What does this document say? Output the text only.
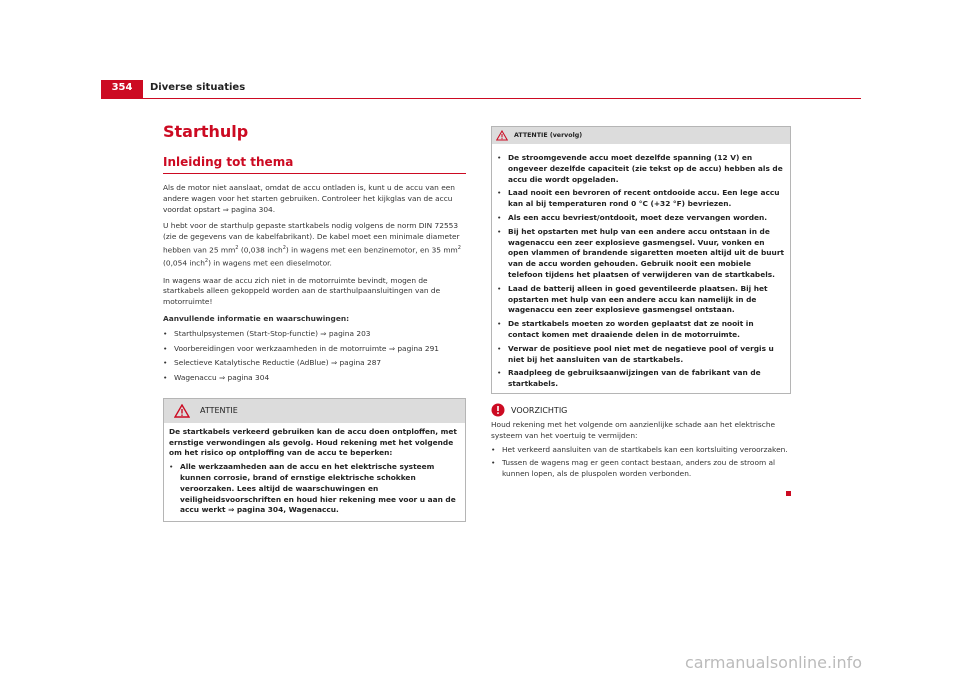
354	Diverse situaties
Starthulp
Inleiding tot thema
Als de motor niet aanslaat, omdat de accu ontladen is, kunt u de accu van een andere wagen voor het starten gebruiken. Controleer het kijkglas van de accu voordat opstart ⇒ pagina 304.
U hebt voor de starthulp gepaste startkabels nodig volgens de norm DIN 72553 (zie de gegevens van de kabelfabrikant). De kabel moet een minimale diameter hebben van 25 $mm^2$ (0,038 inch$^2$) in wagens met een benzinemotor, en 35 $mm^2$ (0,054 inch$^2$) in wagens met een dieselmotor.
In wagens waar de accu zich niet in de motorruimte bevindt, mogen de startkabels alleen gekoppeld worden aan de starthulpaansluitingen van de motorruimte!
Aanvullende informatie en waarschuwingen:
• Starthulpsystemen (Start-Stop-functie) ⇒ pagina 203
• Voorbereidingen voor werkzaamheden in de motorruimte ⇒ pagina 291
• Selectieve Katalytische Reductie (AdBlue) ⇒ pagina 287
• Wagenaccu ⇒ pagina 304
ATTENTIE
De startkabels verkeerd gebruiken kan de accu doen ontploffen, met ernstige verwondingen als gevolg. Houd rekening met het volgende om het risico op ontploffing van de accu te beperken:
• Alle werkzaamheden aan de accu en het elektrische systeem kunnen corrosie, brand of ernstige elektrische schokken veroorzaken. Lees altijd de waarschuwingen en veiligheidsvoorschriften en houd hier rekening mee voor u aan de accu werkt ⇒ pagina 304, Wagenaccu.
ATTENTIE (vervolg)
• De stroomgevende accu moet dezelfde spanning (12 V) en ongeveer dezelfde capaciteit (zie tekst op de accu) hebben als de accu die wordt opgeladen.
• Laad nooit een bevroren of recent ontdooide accu. Een lege accu kan al bij temperaturen rond 0 °C (+32 °F) bevriezen.
• Als een accu bevriest/ontdooit, moet deze vervangen worden.
• Bij het opstarten met hulp van een andere accu ontstaan in de wagenaccu een zeer explosieve gasmengsel. Vuur, vonken en open vlammen of brandende sigaretten moeten altijd uit de buurt van de accu worden gehouden. Gebruik nooit een mobiele telefoon tijdens het plaatsen of verwijderen van de startkabels.
• Laad de batterij alleen in goed geventileerde plaatsen. Bij het opstarten met hulp van een andere accu kan namelijk in de wagenaccu een zeer explosieve gasmengsel ontstaan.
• De startkabels moeten zo worden geplaatst dat ze nooit in contact komen met draaiende delen in de motorruimte.
• Verwar de positieve pool niet met de negatieve pool of vergis u niet bij het aansluiten van de startkabels.
• Raadpleeg de gebruiksaanwijzingen van de fabrikant van de startkabels.
VOORZICHTIG
Houd rekening met het volgende om aanzienlijke schade aan het elektrische systeem van het voertuig te vermijden:
• Het verkeerd aansluiten van de startkabels kan een kortsluiting veroorzaken.
• Tussen de wagens mag er geen contact bestaan, anders zou de stroom al kunnen lopen, als de pluspolen worden verbonden.
carmanualsonline.info
